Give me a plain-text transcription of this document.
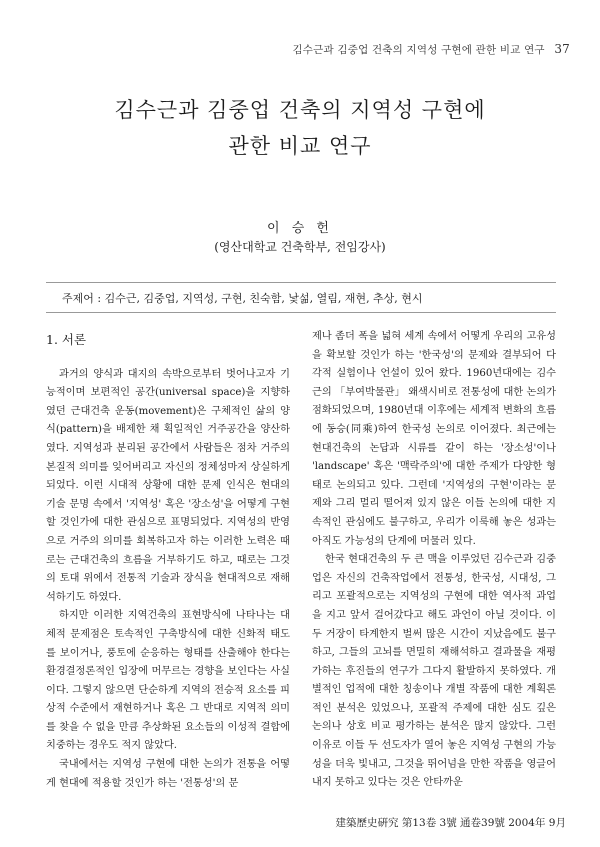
김수근과 김중업 건축의 지역성 구현에 관한 비교 연구 37
김수근과 김중업 건축의 지역성 구현에
관한 비교 연구
이 승 헌
(영산대학교 건축학부, 전임강사)
주제어 : 김수근, 김중업, 지역성, 구현, 친숙함, 낯섦, 열림, 재현, 추상, 현시
1. 서론

과거의 양식과 대지의 속박으로부터 벗어나고자 기능적이며 보편적인 공간(universal space)을 지향하였던 근대건축 운동(movement)은 구체적인 삶의 양식(pattern)을 배제한 채 획일적인 거주공간을 양산하였다. 지역성과 분리된 공간에서 사람들은 점차 거주의 본질적 의미를 잊어버리고 자신의 정체성마저 상실하게 되었다. 이런 시대적 상황에 대한 문제 인식은 현대의 기술 문명 속에서 '지역성' 혹은 '장소성'을 어떻게 구현할 것인가에 대한 관심으로 표명되었다. 지역성의 반영으로 거주의 의미를 회복하고자 하는 이러한 노력은 때로는 근대건축의 흐름을 거부하기도 하고, 때로는 그것의 토대 위에서 전통적 기술과 장식을 현대적으로 재해석하기도 하였다.

하지만 이러한 지역건축의 표현방식에 나타나는 대체적 문제점은 토속적인 구축방식에 대한 신화적 태도를 보이거나, 풍토에 순응하는 형태를 산출해야 한다는 환경결정론적인 입장에 머무르는 경향을 보인다는 사실이다. 그렇지 않으면 단순하게 지역의 전승적 요소를 피상적 수준에서 재현하거나 혹은 그 반대로 지역적 의미를 찾을 수 없을 만큼 추상화된 요소들의 이성적 결합에 치중하는 경우도 적지 않았다.

국내에서는 지역성 구현에 대한 논의가 전통을 어떻게 현대에 적용할 것인가 하는 '전통성'의 문

제나 좀더 폭을 넓혀 세계 속에서 어떻게 우리의 고유성을 확보할 것인가 하는 '한국성'의 문제와 결부되어 다각적 실험이나 언설이 있어 왔다. 1960년대에는 김수근의 「부여박물관」 왜색시비로 전통성에 대한 논의가 점화되었으며, 1980년대 이후에는 세계적 변화의 흐름에 동승(同乘)하여 한국성 논의로 이어졌다. 최근에는 현대건축의 논답과 시류를 같이 하는 '장소성'이나 'landscape' 혹은 '맥락주의'에 대한 주제가 다양한 형태로 논의되고 있다. 그런데 '지역성의 구현'이라는 문제와 그리 멀리 떨어져 있지 않은 이들 논의에 대한 지속적인 관심에도 불구하고, 우리가 이룩해 놓은 성과는 아직도 가능성의 단계에 머물러 있다.

한국 현대건축의 두 큰 맥을 이루었던 김수근과 김중업은 자신의 건축작업에서 전통성, 한국성, 시대성, 그리고 포괄적으로는 지역성의 구현에 대한 역사적 과업을 지고 앞서 걸어갔다고 해도 과언이 아닐 것이다. 이 두 거장이 타계한지 벌써 많은 시간이 지났음에도 불구하고, 그들의 고뇌를 면밀히 재해석하고 결과물을 재평가하는 후진들의 연구가 그다지 활발하지 못하였다. 개별적인 업적에 대한 칭송이나 개별 작품에 대한 계획론적인 분석은 있었으나, 포괄적 주제에 대한 심도 깊은 논의나 상호 비교 평가하는 분석은 많지 않았다. 그런 이유로 이들 두 선도자가 열어 놓은 지역성 구현의 가능성을 더욱 빛내고, 그것을 뛰어넘을 만한 작품을 영글어 내지 못하고 있다는 것은 안타까운

建築歷史硏究 第13卷 3號 通卷39號 2004年 9月
